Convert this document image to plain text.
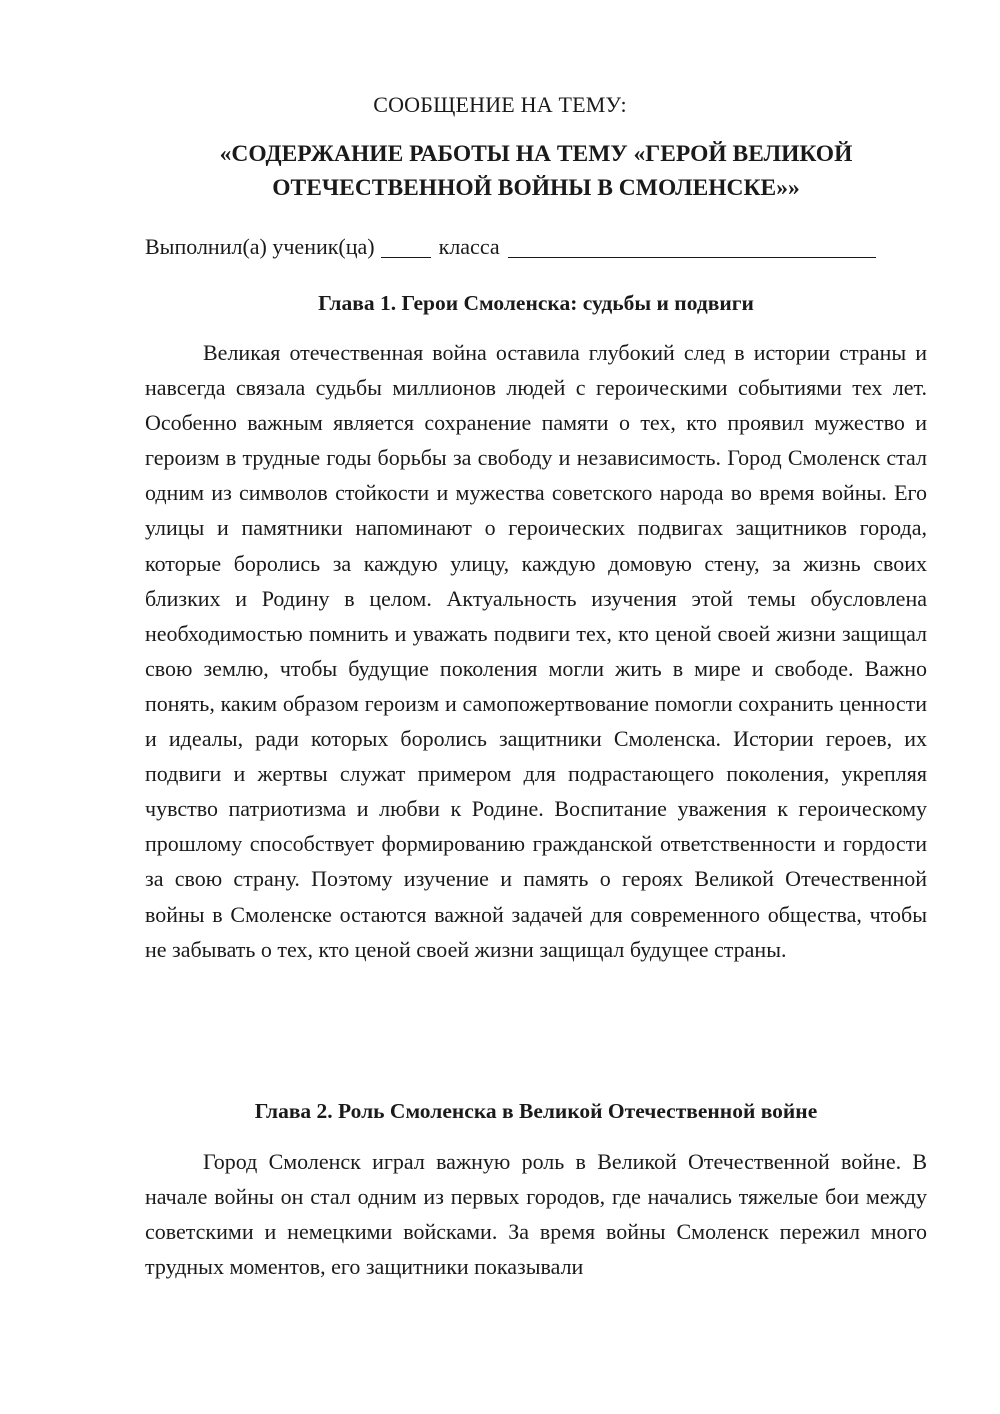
СООБЩЕНИЕ НА ТЕМУ:
«СОДЕРЖАНИЕ РАБОТЫ НА ТЕМУ «ГЕРОЙ ВЕЛИКОЙ
ОТЕЧЕСТВЕННОЙ ВОЙНЫ В СМОЛЕНСКЕ»»
Выполнил(а) ученик(ца)	класса
Глава 1. Герои Смоленска: судьбы и подвиги
Великая отечественная война оставила глубокий след в истории страны и навсегда связала судьбы миллионов людей с героическими событиями тех лет. Особенно важным является сохранение памяти о тех, кто проявил мужество и героизм в трудные годы борьбы за свободу и независимость. Город Смоленск стал одним из символов стойкости и мужества советского народа во время войны. Его улицы и памятники напоминают о героических подвигах защитников города, которые боролись за каждую улицу, каждую домовую стену, за жизнь своих близких и Родину в целом. Актуальность изучения этой темы обусловлена необходимостью помнить и уважать подвиги тех, кто ценой своей жизни защищал свою землю, чтобы будущие поколения могли жить в мире и свободе. Важно понять, каким образом героизм и самопожертвование помогли сохранить ценности и идеалы, ради которых боролись защитники Смоленска. Истории героев, их подвиги и жертвы служат примером для подрастающего поколения, укрепляя чувство патриотизма и любви к Родине. Воспитание уважения к героическому прошлому способствует формированию гражданской ответственности и гордости за свою страну. Поэтому изучение и память о героях Великой Отечественной войны в Смоленске остаются важной задачей для современного общества, чтобы не забывать о тех, кто ценой своей жизни защищал будущее страны.
Глава 2. Роль Смоленска в Великой Отечественной войне
Город Смоленск играл важную роль в Великой Отечественной войне. В начале войны он стал одним из первых городов, где начались тяжелые бои между советскими и немецкими войсками. За время войны Смоленск пережил много трудных моментов, его защитники показывали
